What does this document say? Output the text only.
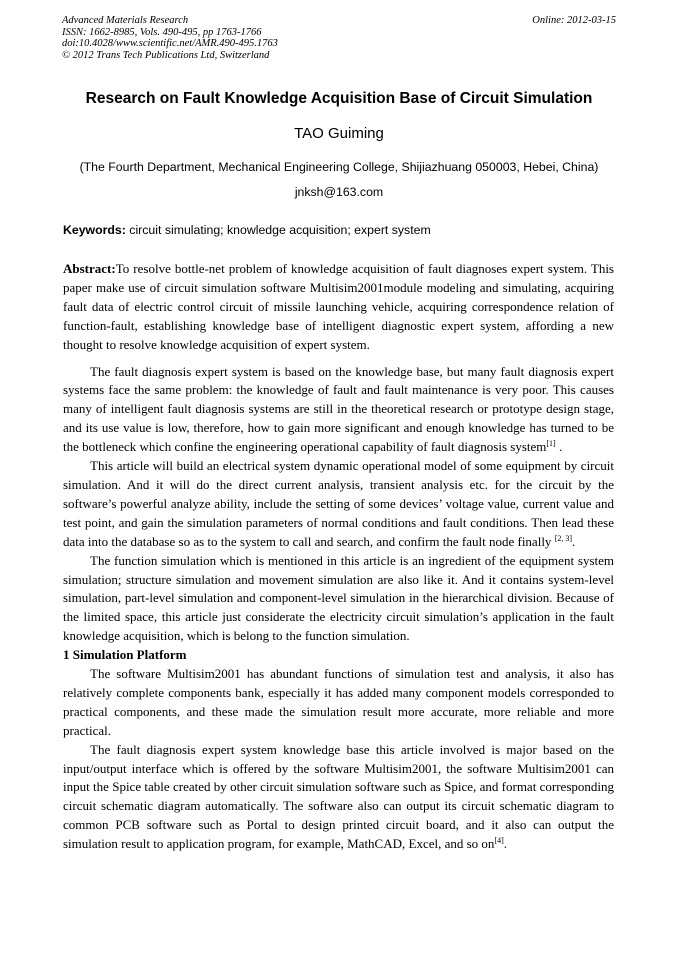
Advanced Materials Research
ISSN: 1662-8985, Vols. 490-495, pp 1763-1766
doi:10.4028/www.scientific.net/AMR.490-495.1763
© 2012 Trans Tech Publications Ltd, Switzerland
Online: 2012-03-15
Research on Fault Knowledge Acquisition Base of Circuit Simulation
TAO Guiming
(The Fourth Department, Mechanical Engineering College, Shijiazhuang 050003, Hebei, China)
jnksh@163.com
Keywords: circuit simulating; knowledge acquisition; expert system

Abstract:To resolve bottle-net problem of knowledge acquisition of fault diagnoses expert system. This paper make use of circuit simulation software Multisim2001module modeling and simulating, acquiring fault data of electric control circuit of missile launching vehicle, acquiring correspondence relation of function-fault, establishing knowledge base of intelligent diagnostic expert system, affording a new thought to resolve knowledge acquisition of expert system.

The fault diagnosis expert system is based on the knowledge base, but many fault diagnosis expert systems face the same problem: the knowledge of fault and fault maintenance is very poor. This causes many of intelligent fault diagnosis systems are still in the theoretical research or prototype design stage, and its use value is low, therefore, how to gain more significant and enough knowledge has turned to be the bottleneck which confine the engineering operational capability of fault diagnosis system[1] .

This article will build an electrical system dynamic operational model of some equipment by circuit simulation. And it will do the direct current analysis, transient analysis etc. for the circuit by the software’s powerful analyze ability, include the setting of some devices’ voltage value, current value and test point, and gain the simulation parameters of normal conditions and fault conditions. Then lead these data into the database so as to the system to call and search, and confirm the fault node finally [2, 3].

The function simulation which is mentioned in this article is an ingredient of the equipment system simulation; structure simulation and movement simulation are also like it. And it contains system-level simulation, part-level simulation and component-level simulation in the hierarchical division. Because of the limited space, this article just considerate the electricity circuit simulation’s application in the fault knowledge acquisition, which is belong to the function simulation.

1 Simulation Platform

The software Multisim2001 has abundant functions of simulation test and analysis, it also has relatively complete components bank, especially it has added many component models corresponded to practical components, and these made the simulation result more accurate, more reliable and more practical.

The fault diagnosis expert system knowledge base this article involved is major based on the input/output interface which is offered by the software Multisim2001, the software Multisim2001 can input the Spice table created by other circuit simulation software such as Spice, and format corresponding circuit schematic diagram automatically. The software also can output its circuit schematic diagram to common PCB software such as Portal to design printed circuit board, and it also can output the simulation result to application program, for example, MathCAD, Excel, and so on[4].
